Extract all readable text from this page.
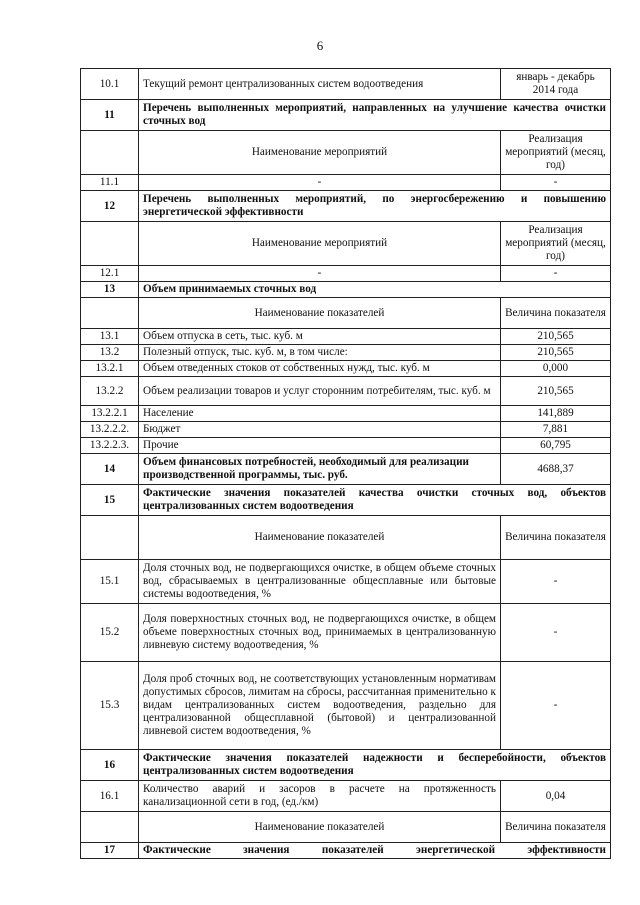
6
10.1	Текущий ремонт централизованных систем водоотведения	январь - декабрь 2014 года
11	Перечень выполненных мероприятий, направленных на улучшение качества очистки сточных вод	
	Наименование мероприятий	Реализация мероприятий (месяц, год)
11.1	-	-
12	Перечень выполненных мероприятий, по энергосбережению и повышению энергетической эффективности	
	Наименование мероприятий	Реализация мероприятий (месяц, год)
12.1	-	-
13	Объем принимаемых сточных вод	
	Наименование показателей	Величина показателя
13.1	Объем отпуска в сеть, тыс. куб. м	210,565
13.2	Полезный отпуск, тыс. куб. м, в том числе:	210,565
13.2.1	Объем отведенных стоков от собственных нужд, тыс. куб. м	0,000
13.2.2	Объем реализации товаров и услуг сторонним потребителям, тыс. куб. м	210,565
13.2.2.1	Население	141,889
13.2.2.2.	Бюджет	7,881
13.2.2.3.	Прочие	60,795
14	Объем финансовых потребностей, необходимый для реализации производственной программы, тыс. руб.	4688,37
15	Фактические значения показателей качества очистки сточных вод, объектов централизованных систем водоотведения	
	Наименование показателей	Величина показателя
15.1	Доля сточных вод, не подвергающихся очистке, в общем объеме сточных вод, сбрасываемых в централизованные общесплавные или бытовые системы водоотведения, %	-
15.2	Доля поверхностных сточных вод, не подвергающихся очистке, в общем объеме поверхностных сточных вод, принимаемых в централизованную ливневую систему водоотведения, %	-
15.3	Доля проб сточных вод, не соответствующих установленным нормативам допустимых сбросов, лимитам на сбросы, рассчитанная применительно к видам централизованных систем водоотведения, раздельно для централизованной общесплавной (бытовой) и централизованной ливневой систем водоотведения, %	-
16	Фактические значения показателей надежности и бесперебойности, объектов централизованных систем водоотведения	
16.1	Количество аварий и засоров в расчете на протяженность канализационной сети в год, (ед./км)	0,04
	Наименование показателей	Величина показателя
17	Фактические значения показателей энергетической эффективности	
